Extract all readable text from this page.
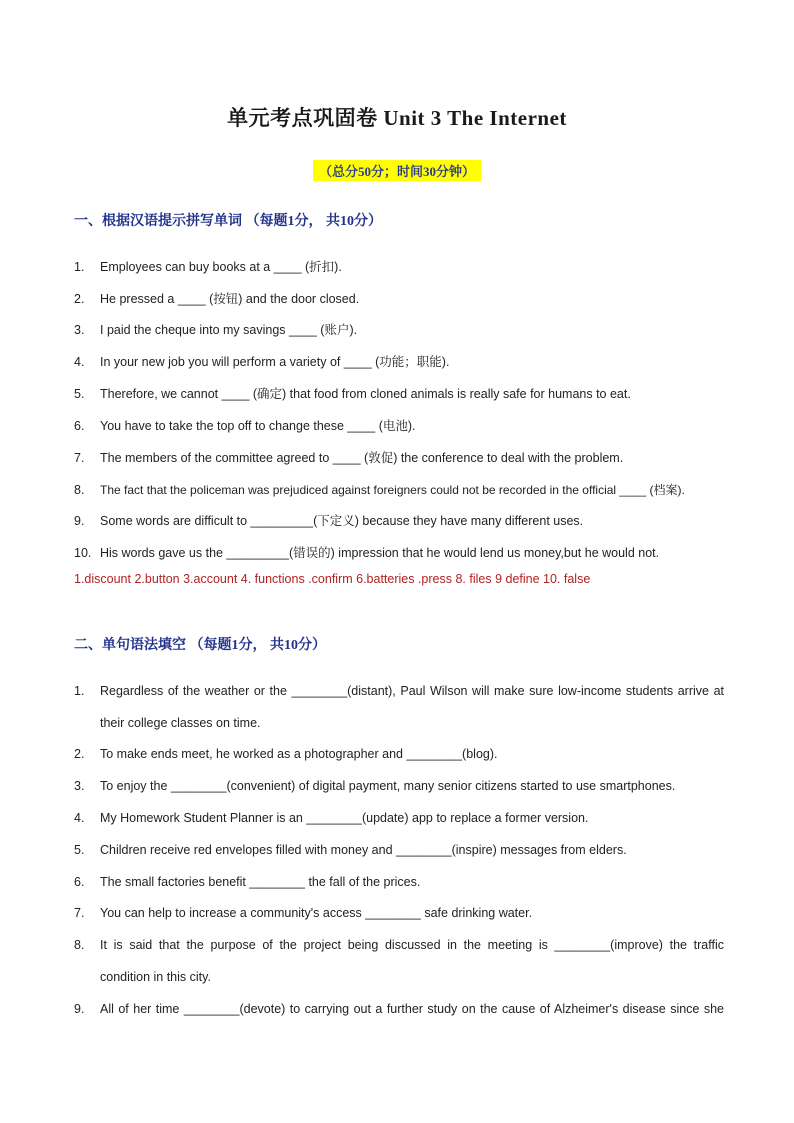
单元考点巩固卷 Unit 3 The Internet
（总分50分；时间30分钟）
一、根据汉语提示拼写单词 （每题1分， 共10分）
1.	Employees can buy books at a ____ (折扣).
2.	He pressed a ____ (按钮) and the door closed.
3.	I paid the cheque into my savings ____ (账户).
4.	In your new job you will perform a variety of ____ (功能；职能).
5.	Therefore, we cannot ____ (确定) that food from cloned animals is really safe for humans to eat.
6.	You have to take the top off to change these ____ (电池).
7.	The members of the committee agreed to ____ (敦促) the conference to deal with the problem.
8.	The fact that the policeman was prejudiced against foreigners could not be recorded in the official ____ (档案).
9.	Some words are difficult to _________(下定义) because they have many different uses.
10. His words gave us the _________(错误的) impression that he would lend us money,but he would not.
1.discount 2.button 3.account 4. functions .confirm 6.batteries .press 8. files 9 define 10. false
二、单句语法填空 （每题1分， 共10分）
1.	Regardless of the weather or the ________(distant), Paul Wilson will make sure low-income students arrive at
their college classes on time.
2.	To make ends meet, he worked as a photographer and ________(blog).
3.	To enjoy the ________(convenient) of digital payment, many senior citizens started to use smartphones.
4.	My Homework Student Planner is an ________(update) app to replace a former version.
5.	Children receive red envelopes filled with money and ________(inspire) messages from elders.
6.	The small factories benefit ________ the fall of the prices.
7.	You can help to increase a community's access ________ safe drinking water.
8.	It is said that the purpose of the project being discussed in the meeting is ________(improve) the traffic
condition in this city.
9.	All of her time ________(devote) to carrying out a further study on the cause of Alzheimer's disease since she
